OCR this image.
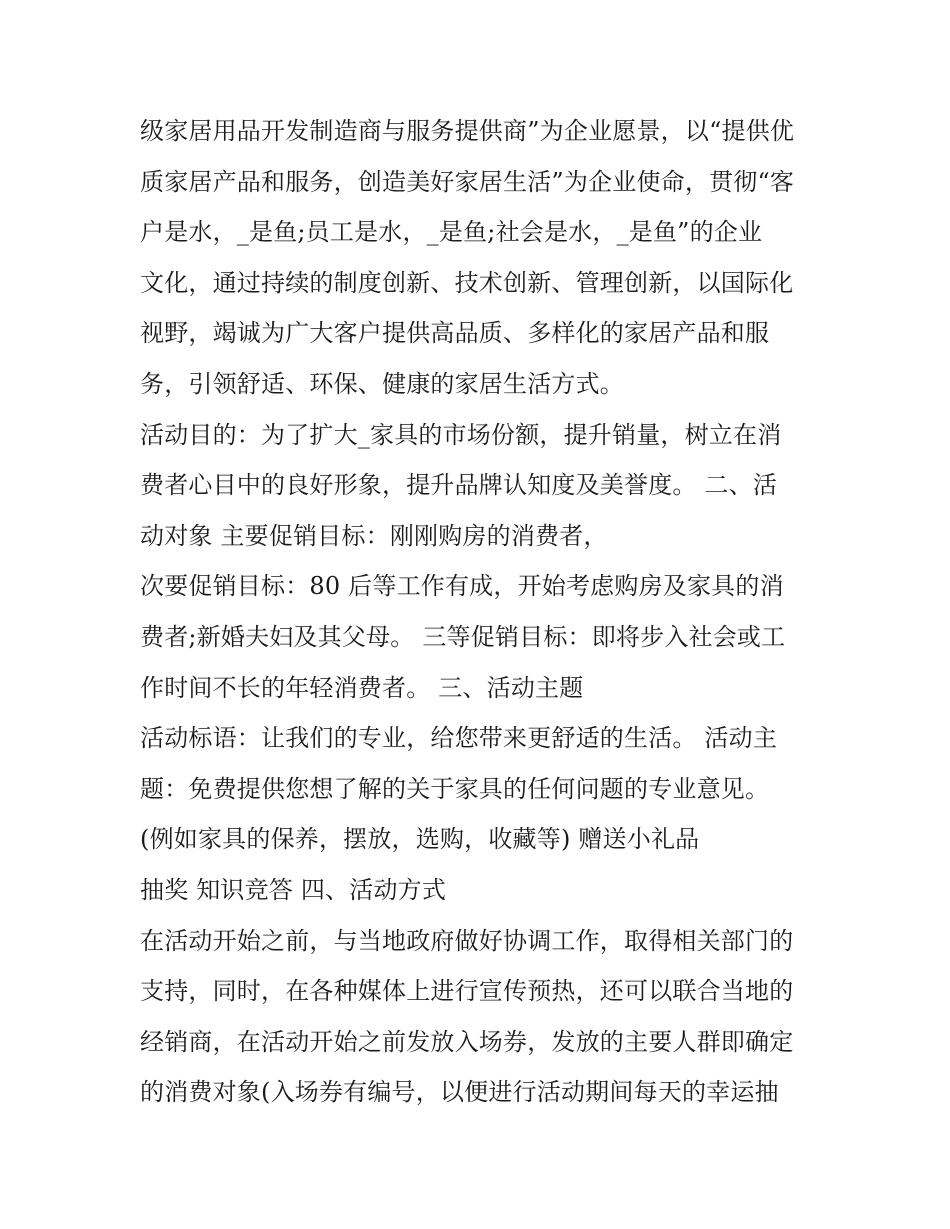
级家居用品开发制造商与服务提供商”为企业愿景，以“提供优
质家居产品和服务，创造美好家居生活”为企业使命，贯彻“客
户是水，_是鱼;员工是水，_是鱼;社会是水，_是鱼”的企业
文化，通过持续的制度创新、技术创新、管理创新，以国际化
视野，竭诚为广大客户提供高品质、多样化的家居产品和服
务，引领舒适、环保、健康的家居生活方式。
活动目的：为了扩大_家具的市场份额，提升销量，树立在消
费者心目中的良好形象，提升品牌认知度及美誉度。 二、活
动对象 主要促销目标：刚刚购房的消费者，
次要促销目标：80 后等工作有成，开始考虑购房及家具的消
费者;新婚夫妇及其父母。 三等促销目标：即将步入社会或工
作时间不长的年轻消费者。 三、活动主题
活动标语：让我们的专业，给您带来更舒适的生活。 活动主
题：免费提供您想了解的关于家具的任何问题的专业意见。
(例如家具的保养，摆放，选购，收藏等) 赠送小礼品
抽奖 知识竞答 四、活动方式
在活动开始之前，与当地政府做好协调工作，取得相关部门的
支持，同时，在各种媒体上进行宣传预热，还可以联合当地的
经销商，在活动开始之前发放入场券，发放的主要人群即确定
的消费对象(入场券有编号，以便进行活动期间每天的幸运抽
